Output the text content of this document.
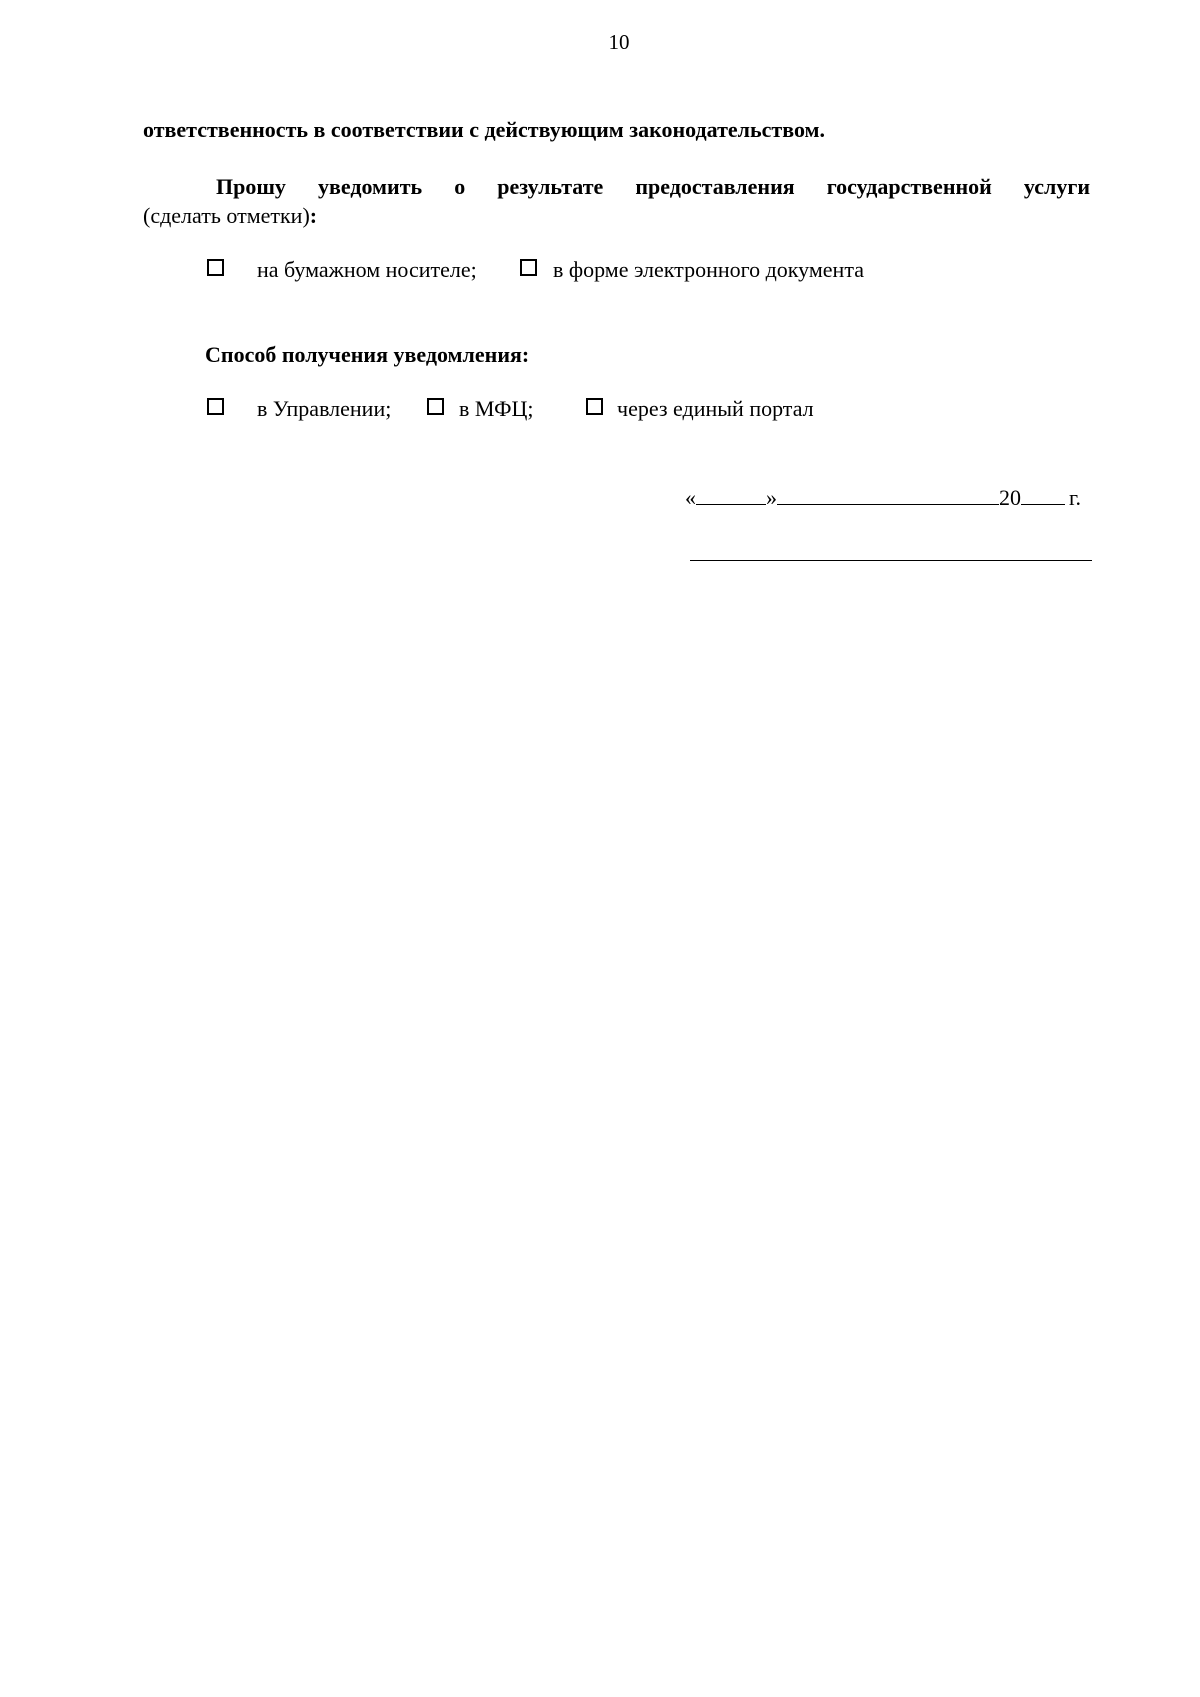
10
ответственность в соответствии с действующим законодательством.
Прошу уведомить о результате предоставления государственной услуги
(сделать отметки):
на бумажном носителе;	в форме электронного документа
Способ получения уведомления:
в Управлении;	в МФЦ;	через единый портал
«	»	20 г.
